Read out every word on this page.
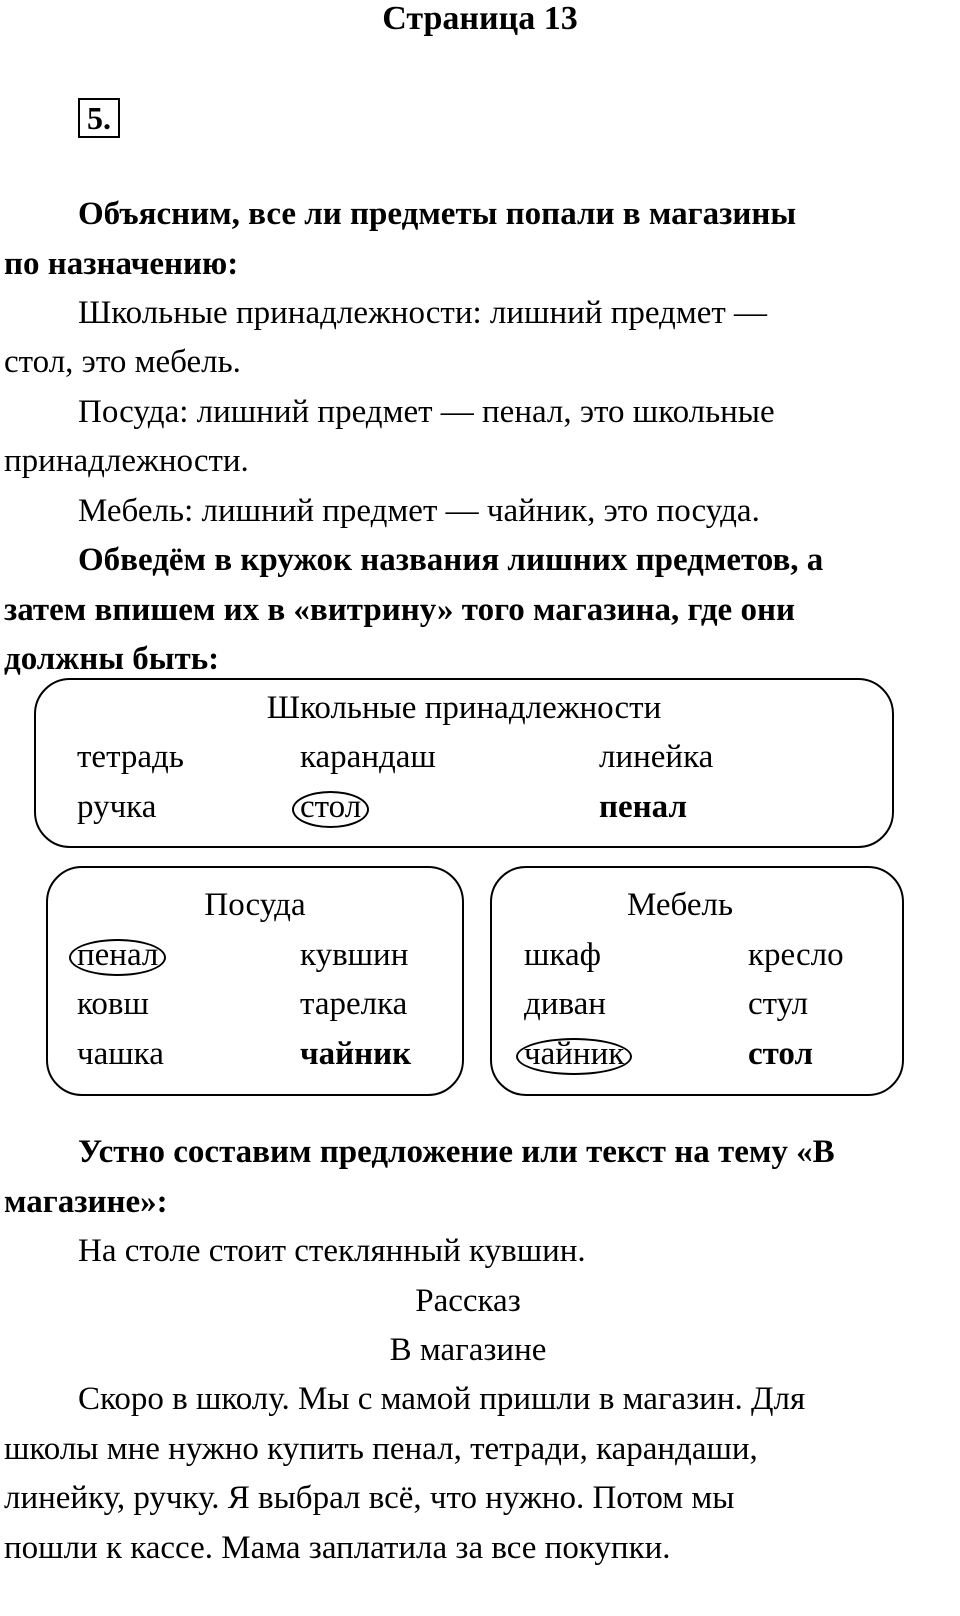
Страница 13
5.
Объясним, все ли предметы попали в магазины
по назначению:
Школьные принадлежности: лишний предмет —
стол, это мебель.
Посуда: лишний предмет — пенал, это школьные
принадлежности.
Мебель: лишний предмет — чайник, это посуда.
Обведём в кружок названия лишних предметов, а
затем впишем их в «витрину» того магазина, где они
должны быть:
Школьные принадлежности
тетрадь	карандаш	линейка
ручка	стол	пенал
Посуда
пенал	кувшин
ковш	тарелка
чашка	чайник
Мебель
шкаф	кресло
диван	стул
чайник	стол
Устно составим предложение или текст на тему «В
магазине»:
На столе стоит стеклянный кувшин.
Рассказ
В магазине
Скоро в школу. Мы с мамой пришли в магазин. Для
школы мне нужно купить пенал, тетради, карандаши,
линейку, ручку. Я выбрал всё, что нужно. Потом мы
пошли к кассе. Мама заплатила за все покупки.
